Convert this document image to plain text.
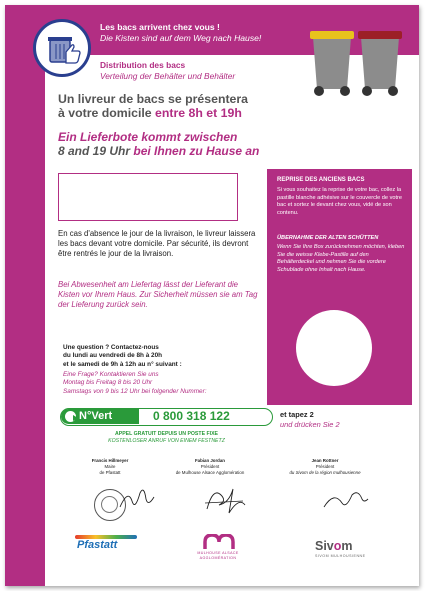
Les bacs arrivent chez vous !
Die Kisten sind auf dem Weg nach Hause!
Distribution des bacs
Verteilung der Behälter und Behälter
Un livreur de bacs se présentera
à votre domicile entre 8h et 19h
Ein Lieferbote kommt zwischen
8 and 19 Uhr bei Ihnen zu Hause an
En cas d'absence le jour de la livraison, le livreur laissera les bacs devant votre domicile. Par sécurité, ils devront être rentrés le jour de la livraison.
Bei Abwesenheit am Liefertag lässt der Lieferant die Kisten vor Ihrem Haus. Zur Sicherheit müssen sie am Tag der Lieferung zurück sein.
Une question ? Contactez-nous
du lundi au vendredi de 8h à 20h
et le samedi de 9h à 12h au n° suivant :
Eine Frage? Kontaktieren Sie uns
Montag bis Freitag 8 bis 20 Uhr
Samstags von 9 bis 12 Uhr bei folgender Nummer:
N°Vert	0 800 318 122	et tapez 2
und drücken Sie 2
APPEL GRATUIT DEPUIS UN POSTE FIXE
KOSTENLOSER ANRUF VON EINEM FESTNETZ
Francis Hillmeyer
Maire
de Pfastatt
Fabian Jordan
Président
de Mulhouse Alsace Agglomération
Jean Rottner
Président
du Sivom de la région mulhousienne
Pfastatt
MULHOUSE ALSACE
AGGLOMÉRATION
Sivom
SIVOM MULHOUSIENNE
REPRISE DES ANCIENS BACS
Si vous souhaitez la reprise de votre bac, collez la pastille blanche adhésive sur le couvercle de votre bac et sortez le devant chez vous, vidé de son contenu.
ÜBERNAHME DER ALTEN SCHÜTTEN
Wenn Sie Ihre Box zurücknehmen möchten, kleben Sie die weisse Klebe-Pastille auf den Behälterdeckel und nehmen Sie die vordere Schublade ohne Inhalt nach Hause.
